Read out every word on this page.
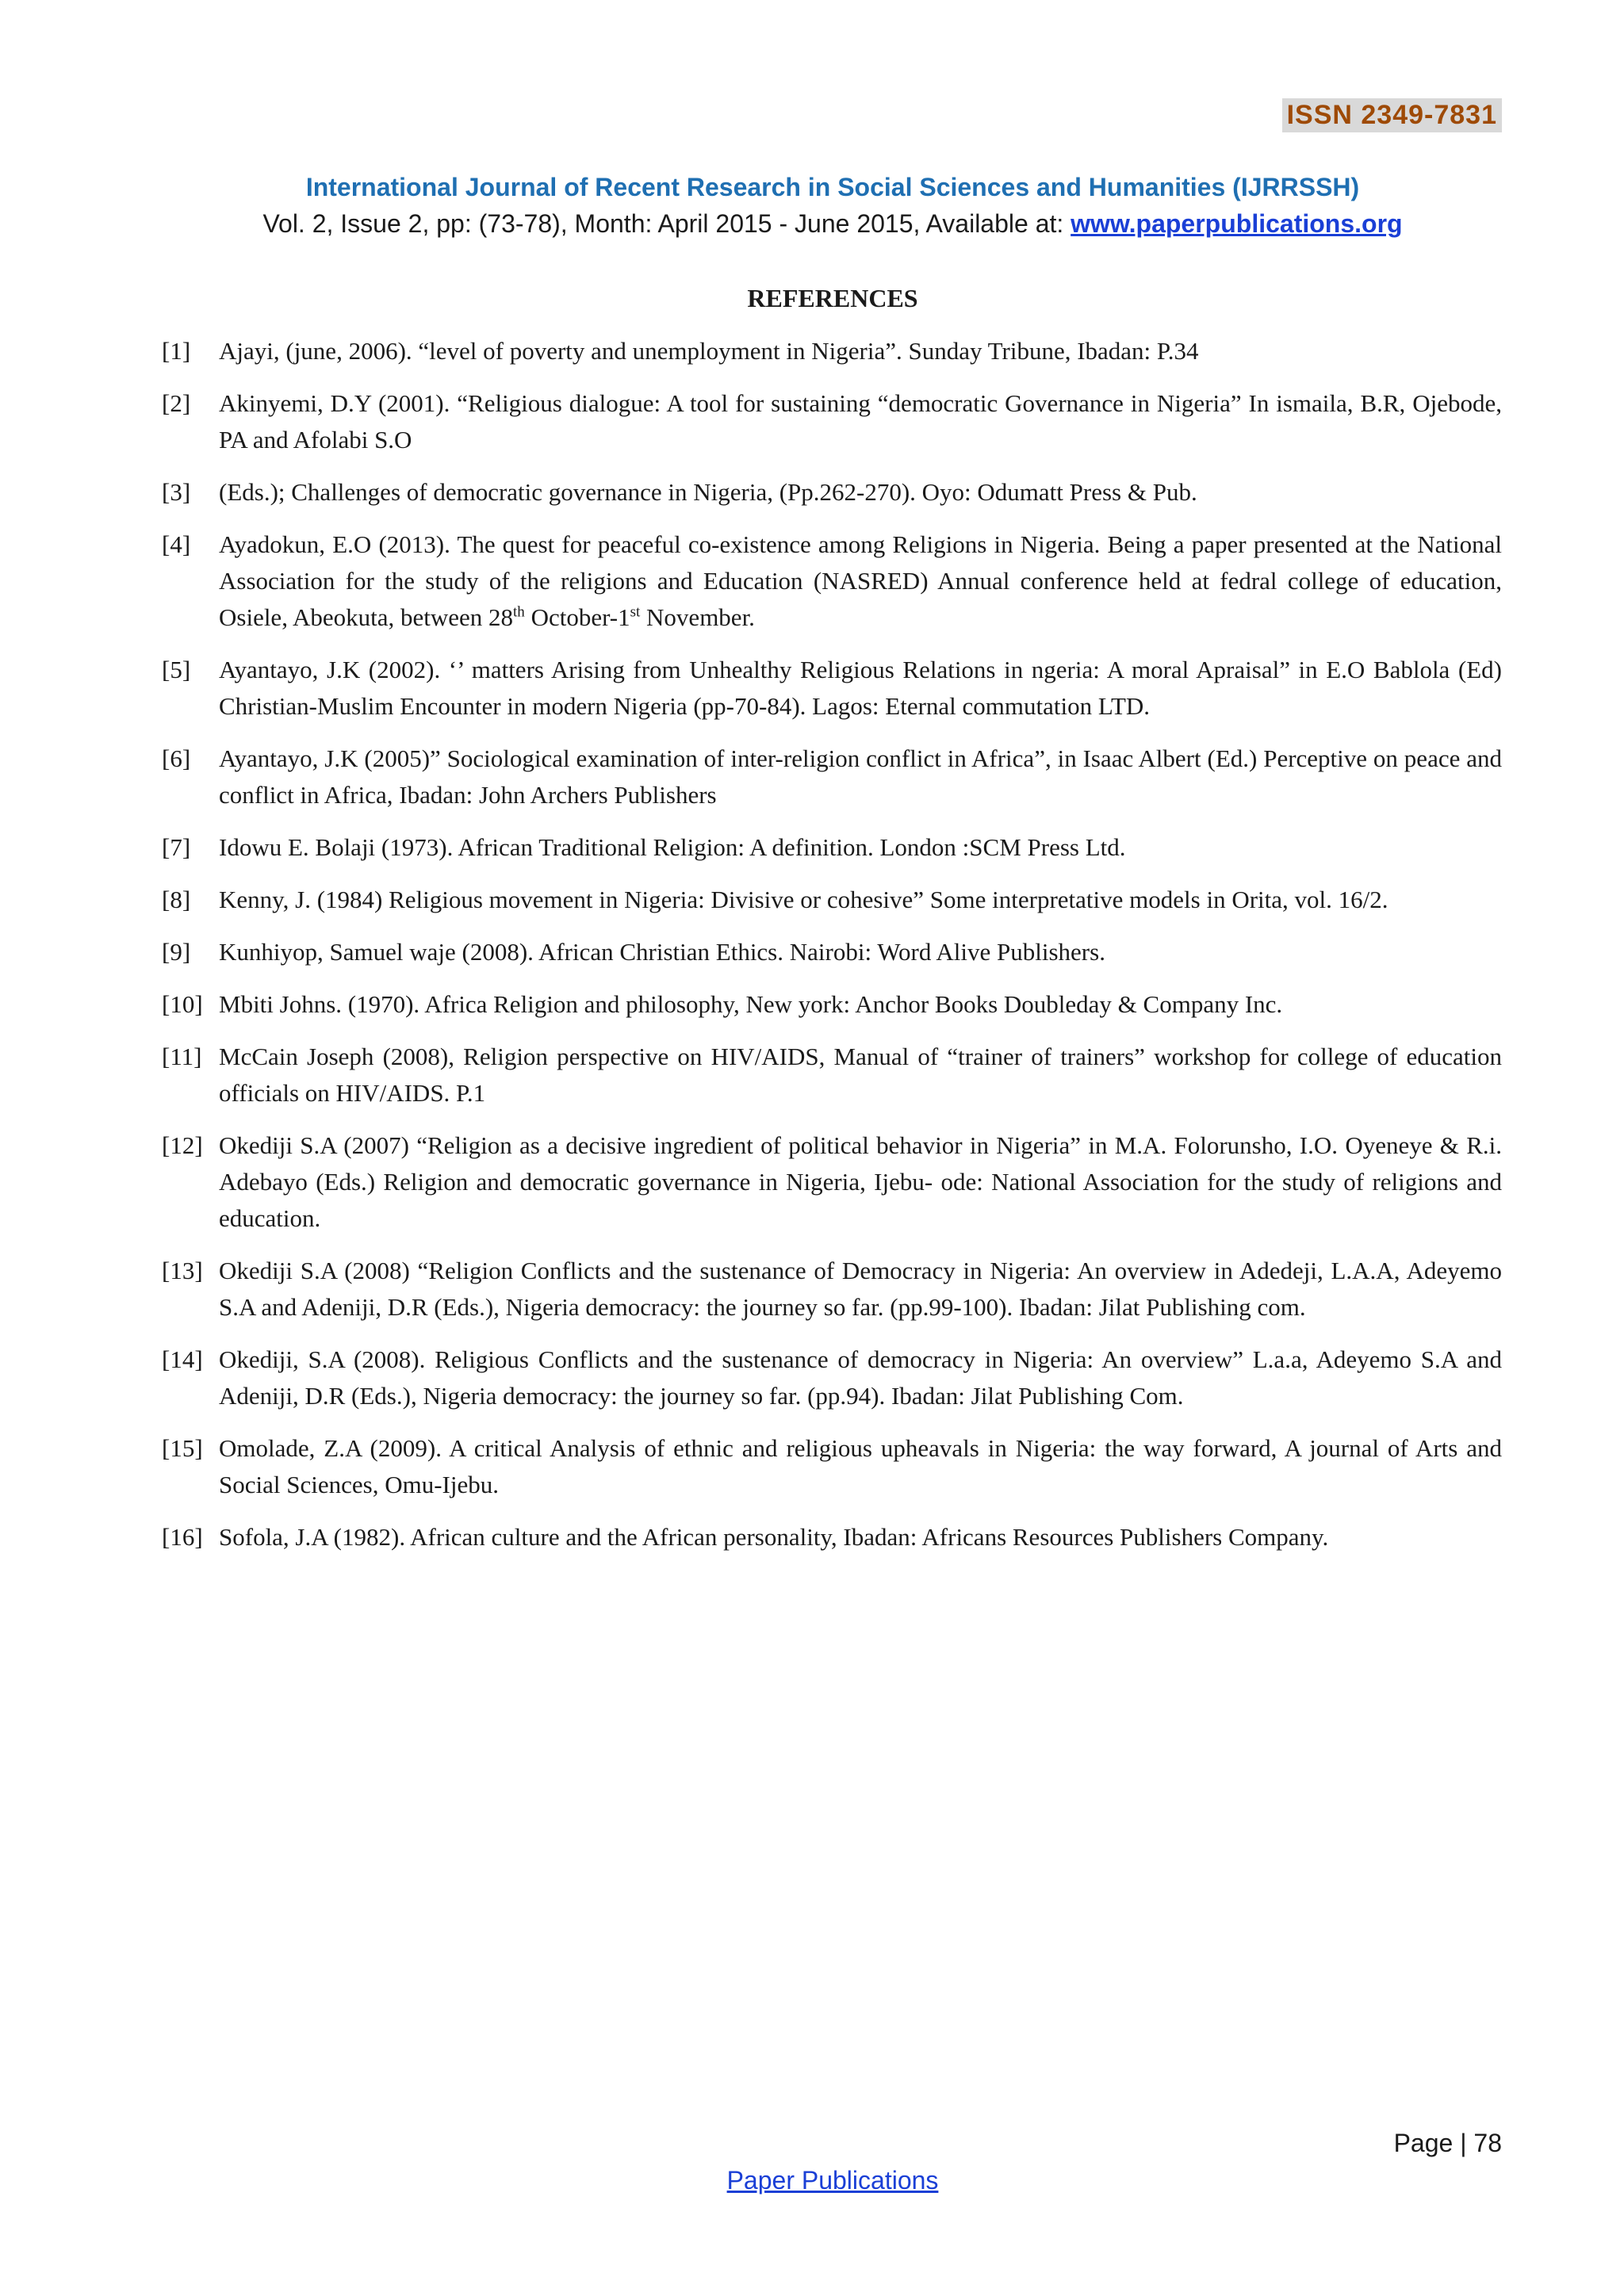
ISSN 2349-7831
International Journal of Recent Research in Social Sciences and Humanities (IJRRSSH)
Vol. 2, Issue 2, pp: (73-78), Month: April 2015 - June 2015, Available at: www.paperpublications.org
REFERENCES
[1]	Ajayi, (june, 2006). “level of poverty and unemployment in Nigeria”. Sunday Tribune, Ibadan: P.34
[2]	Akinyemi, D.Y (2001). “Religious dialogue: A tool for sustaining “democratic Governance in Nigeria” In ismaila, B.R, Ojebode, PA and Afolabi S.O
[3]	(Eds.); Challenges of democratic governance in Nigeria, (Pp.262-270). Oyo: Odumatt Press & Pub.
[4]	Ayadokun, E.O (2013). The quest for peaceful co-existence among Religions in Nigeria. Being a paper presented at the National Association for the study of the religions and Education (NASRED) Annual conference held at fedral college of education, Osiele, Abeokuta, between 28th October-1st November.
[5]	Ayantayo, J.K (2002). ‘’ matters Arising from Unhealthy Religious Relations in ngeria: A moral Apraisal” in E.O Bablola (Ed) Christian-Muslim Encounter in modern Nigeria (pp-70-84). Lagos: Eternal commutation LTD.
[6]	Ayantayo, J.K (2005)” Sociological examination of inter-religion conflict in Africa”, in Isaac Albert (Ed.) Perceptive on peace and conflict in Africa, Ibadan: John Archers Publishers
[7]	Idowu E. Bolaji (1973). African Traditional Religion: A definition. London :SCM Press Ltd.
[8]	Kenny, J. (1984) Religious movement in Nigeria: Divisive or cohesive” Some interpretative models in Orita, vol. 16/2.
[9]	Kunhiyop, Samuel waje (2008). African Christian Ethics. Nairobi: Word Alive Publishers.
[10] Mbiti Johns. (1970). Africa Religion and philosophy, New york: Anchor Books Doubleday & Company Inc.
[11] McCain Joseph (2008), Religion perspective on HIV/AIDS, Manual of “trainer of trainers” workshop for college of education officials on HIV/AIDS. P.1
[12] Okediji S.A (2007) “Religion as a decisive ingredient of political behavior in Nigeria” in M.A. Folorunsho, I.O. Oyeneye & R.i. Adebayo (Eds.) Religion and democratic governance in Nigeria, Ijebu- ode: National Association for the study of religions and education.
[13] Okediji S.A (2008) “Religion Conflicts and the sustenance of Democracy in Nigeria: An overview in Adedeji, L.A.A, Adeyemo S.A and Adeniji, D.R (Eds.), Nigeria democracy: the journey so far. (pp.99-100). Ibadan: Jilat Publishing com.
[14] Okediji, S.A (2008). Religious Conflicts and the sustenance of democracy in Nigeria: An overview” L.a.a, Adeyemo S.A and Adeniji, D.R (Eds.), Nigeria democracy: the journey so far. (pp.94). Ibadan: Jilat Publishing Com.
[15] Omolade, Z.A (2009). A critical Analysis of ethnic and religious upheavals in Nigeria: the way forward, A journal of Arts and Social Sciences, Omu-Ijebu.
[16] Sofola, J.A (1982). African culture and the African personality, Ibadan: Africans Resources Publishers Company.
Page | 78
Paper Publications
